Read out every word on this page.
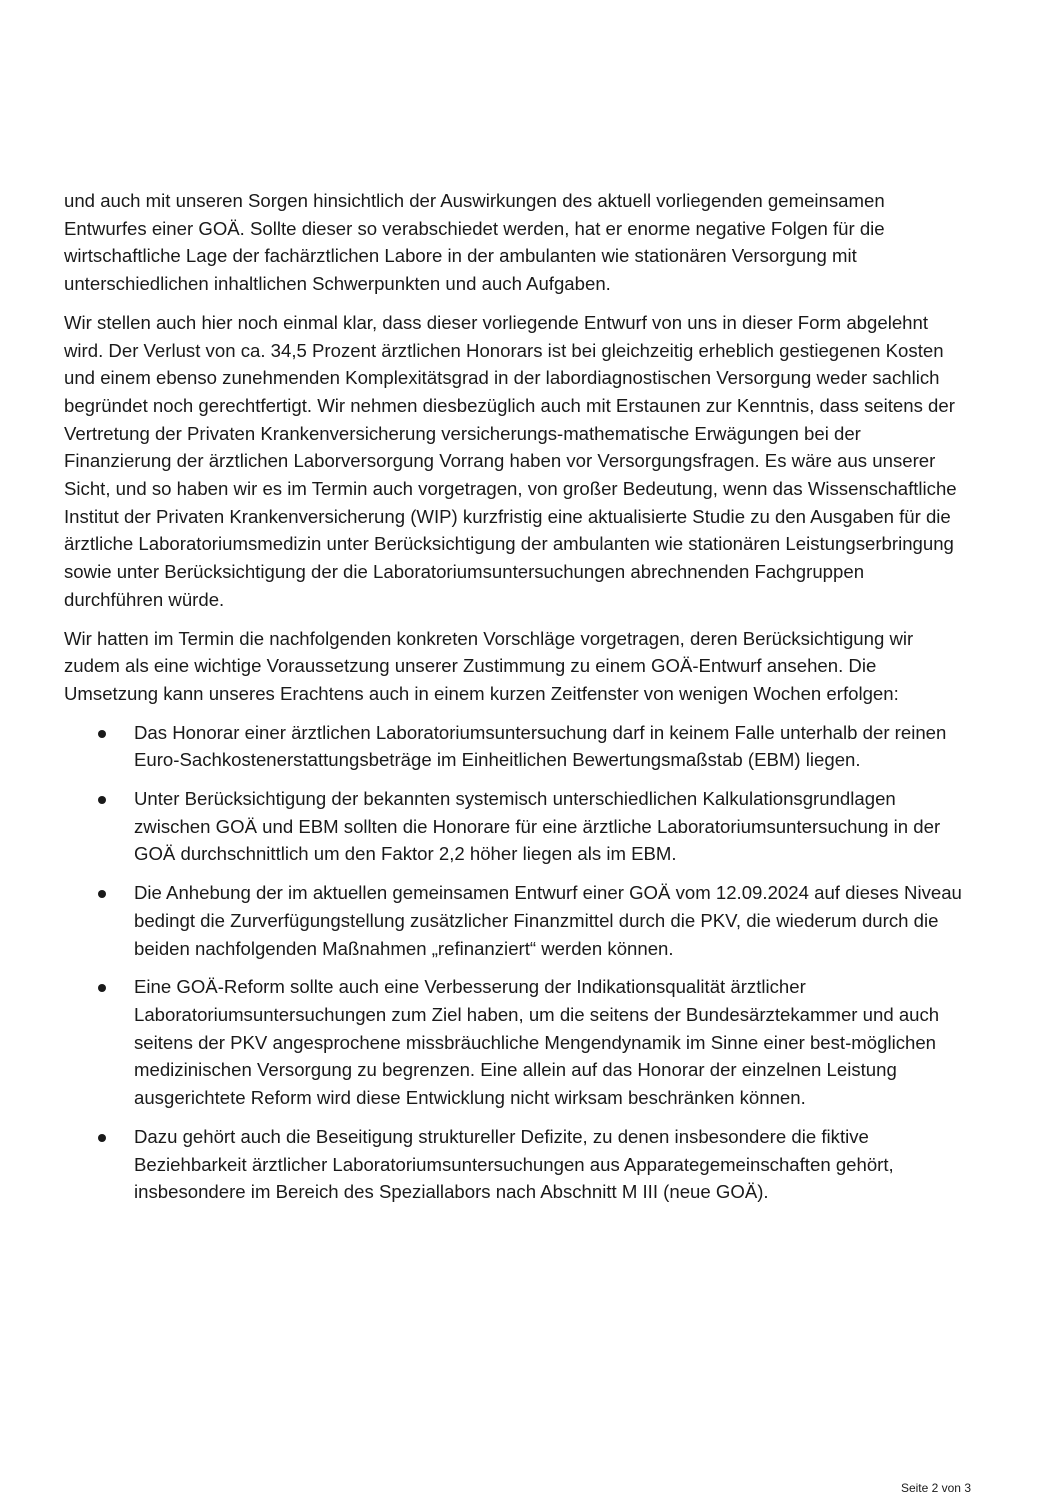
und auch mit unseren Sorgen hinsichtlich der Auswirkungen des aktuell vorliegenden gemeinsamen Entwurfes einer GOÄ. Sollte dieser so verabschiedet werden, hat er enorme negative Folgen für die wirtschaftliche Lage der fachärztlichen Labore in der ambulanten wie stationären Versorgung mit unterschiedlichen inhaltlichen Schwerpunkten und auch Aufgaben.

Wir stellen auch hier noch einmal klar, dass dieser vorliegende Entwurf von uns in dieser Form abgelehnt wird. Der Verlust von ca. 34,5 Prozent ärztlichen Honorars ist bei gleichzeitig erheblich gestiegenen Kosten und einem ebenso zunehmenden Komplexitätsgrad in der labordiagnostischen Versorgung weder sachlich begründet noch gerechtfertigt. Wir nehmen diesbezüglich auch mit Erstaunen zur Kenntnis, dass seitens der Vertretung der Privaten Krankenversicherung versicherungs-mathematische Erwägungen bei der Finanzierung der ärztlichen Laborversorgung Vorrang haben vor Versorgungsfragen. Es wäre aus unserer Sicht, und so haben wir es im Termin auch vorgetragen, von großer Bedeutung, wenn das Wissenschaftliche Institut der Privaten Krankenversicherung (WIP) kurzfristig eine aktualisierte Studie zu den Ausgaben für die ärztliche Laboratoriumsmedizin unter Berücksichtigung der ambulanten wie stationären Leistungserbringung sowie unter Berücksichtigung der die Laboratoriumsuntersuchungen abrechnenden Fachgruppen durchführen würde.

Wir hatten im Termin die nachfolgenden konkreten Vorschläge vorgetragen, deren Berücksichtigung wir zudem als eine wichtige Voraussetzung unserer Zustimmung zu einem GOÄ-Entwurf ansehen. Die Umsetzung kann unseres Erachtens auch in einem kurzen Zeitfenster von wenigen Wochen erfolgen:

Das Honorar einer ärztlichen Laboratoriumsuntersuchung darf in keinem Falle unterhalb der reinen Euro-Sachkostenerstattungsbeträge im Einheitlichen Bewertungsmaßstab (EBM) liegen.
Unter Berücksichtigung der bekannten systemisch unterschiedlichen Kalkulationsgrundlagen zwischen GOÄ und EBM sollten die Honorare für eine ärztliche Laboratoriumsuntersuchung in der GOÄ durchschnittlich um den Faktor 2,2 höher liegen als im EBM.
Die Anhebung der im aktuellen gemeinsamen Entwurf einer GOÄ vom 12.09.2024 auf dieses Niveau bedingt die Zurverfügungstellung zusätzlicher Finanzmittel durch die PKV, die wiederum durch die beiden nachfolgenden Maßnahmen „refinanziert“ werden können.
Eine GOÄ-Reform sollte auch eine Verbesserung der Indikationsqualität ärztlicher Laboratoriumsuntersuchungen zum Ziel haben, um die seitens der Bundesärztekammer und auch seitens der PKV angesprochene missbräuchliche Mengendynamik im Sinne einer best-möglichen medizinischen Versorgung zu begrenzen. Eine allein auf das Honorar der einzelnen Leistung ausgerichtete Reform wird diese Entwicklung nicht wirksam beschränken können.
Dazu gehört auch die Beseitigung struktureller Defizite, zu denen insbesondere die fiktive Beziehbarkeit ärztlicher Laboratoriumsuntersuchungen aus Apparategemeinschaften gehört, insbesondere im Bereich des Speziallabors nach Abschnitt M III (neue GOÄ).
Seite 2 von 3
